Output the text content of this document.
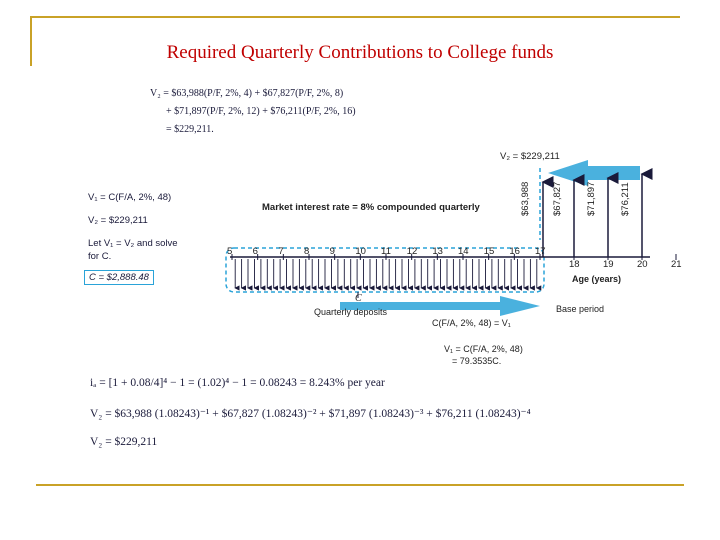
Required Quarterly Contributions to College funds
V₂ = $63,988(P/F, 2%, 4) + $67,827(P/F, 2%, 8)
+ $71,897(P/F, 2%, 12) + $76,211(P/F, 2%, 16)
= $229,211.
V₁ = C(F/A, 2%, 48)
V₂ = $229,211
Let V₁ = V₂ and solve
for C.
C = $2,888.48
V₂ = $229,211
Market interest rate = 8% compounded quarterly	$63,988 $67,827 $71,897 $76,211
5 6 7 8 9 10 11 12 13 14 15 16 17
18 19 20 21
Age (years)
C
Quarterly deposits	Base period
C(F/A, 2%, 48) = V₁
V₁ = C(F/A, 2%, 48)
= 79.3535C.
iₐ = [1 + 0.08/4]⁴ − 1 = (1.02)⁴ − 1 = 0.08243 = 8.243% per year
V₂ = $63,988 (1.08243)⁻¹ + $67,827 (1.08243)⁻² + $71,897 (1.08243)⁻³ + $76,211 (1.08243)⁻⁴
V₂ = $229,211
